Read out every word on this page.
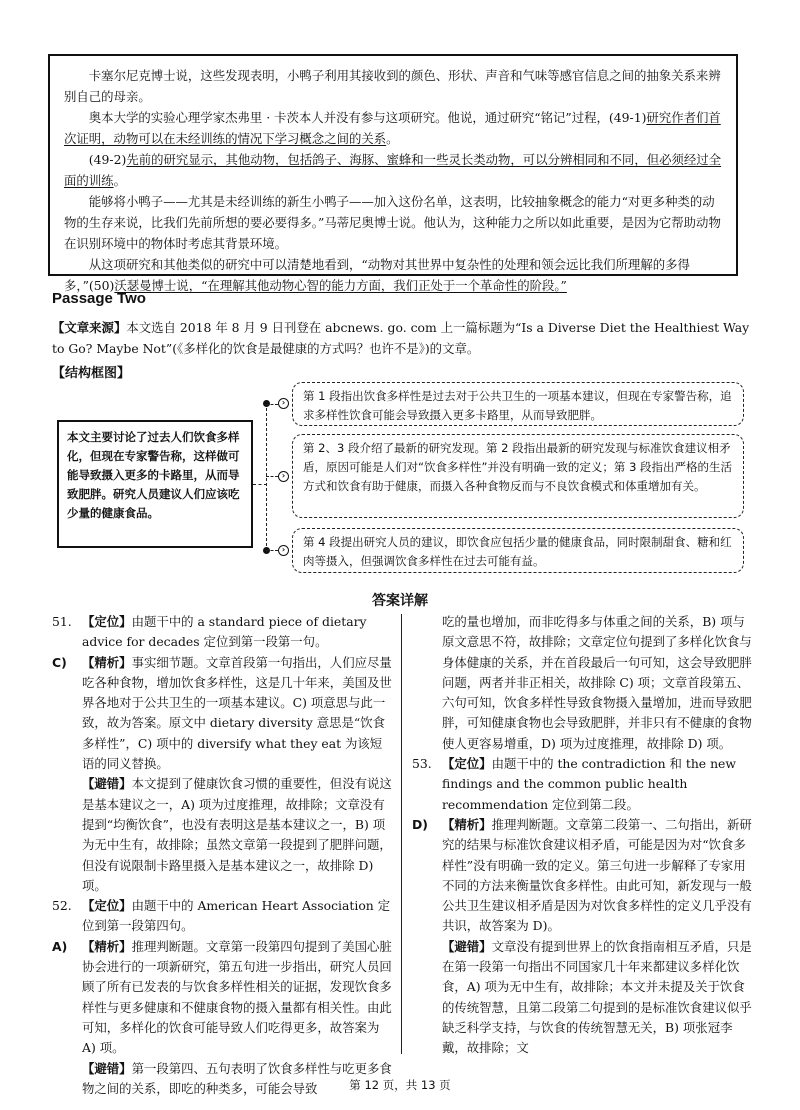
卡塞尔尼克博士说，这些发现表明，小鸭子利用其接收到的颜色、形状、声音和气味等感官信息之间的抽象关系来辨别自己的母亲。

奥本大学的实验心理学家杰弗里 · 卡茨本人并没有参与这项研究。他说，通过研究“铭记”过程，(49-1)研究作者们首次证明，动物可以在未经训练的情况下学习概念之间的关系。

(49-2)先前的研究显示，其他动物，包括鸽子、海豚、蜜蜂和一些灵长类动物，可以分辨相同和不同，但必须经过全面的训练。

能够将小鸭子——尤其是未经训练的新生小鸭子——加入这份名单，这表明，比较抽象概念的能力“对更多种类的动物的生存来说，比我们先前所想的要必要得多。”马蒂尼奥博士说。他认为，这种能力之所以如此重要，是因为它帮助动物在识别环境中的物体时考虑其背景环境。

从这项研究和其他类似的研究中可以清楚地看到，“动物对其世界中复杂性的处理和领会远比我们所理解的多得多，”(50)沃瑟曼博士说，“在理解其他动物心智的能力方面，我们正处于一个革命性的阶段。”

Passage Two
【文章来源】本文选自 2018 年 8 月 9 日刊登在 abcnews. go. com 上一篇标题为“Is a Diverse Diet the Healthiest Way to Go? Maybe Not”(《多样化的饮食是最健康的方式吗？也许不是》)的文章。
【结构框图】
本文主要讨论了过去人们饮食多样化，但现在专家警告称，这样做可能导致摄入更多的卡路里，从而导致肥胖。研究人员建议人们应该吃少量的健康食品。
›
›
›
第 1 段指出饮食多样性是过去对于公共卫生的一项基本建议，但现在专家警告称，追求多样性饮食可能会导致摄入更多卡路里，从而导致肥胖。
第 2、3 段介绍了最新的研究发现。第 2 段指出最新的研究发现与标准饮食建议相矛盾，原因可能是人们对“饮食多样性”并没有明确一致的定义；第 3 段指出严格的生活方式和饮食有助于健康，而摄入各种食物反而与不良饮食模式和体重增加有关。
第 4 段提出研究人员的建议，即饮食应包括少量的健康食品，同时限制甜食、糖和红肉等摄入，但强调饮食多样性在过去可能有益。
答案详解
51. 【定位】由题干中的 a standard piece of dietary advice for decades 定位到第一段第一句。
C) 【精析】事实细节题。文章首段第一句指出，人们应尽量吃各种食物，增加饮食多样性，这是几十年来，美国及世界各地对于公共卫生的一项基本建议。C) 项意思与此一致，故为答案。原文中 dietary diversity 意思是“饮食多样性”，C) 项中的 diversify what they eat 为该短语的同义替换。
【避错】本文提到了健康饮食习惯的重要性，但没有说这是基本建议之一，A) 项为过度推理，故排除；文章没有提到“均衡饮食”，也没有表明这是基本建议之一，B) 项为无中生有，故排除；虽然文章第一段提到了肥胖问题，但没有说限制卡路里摄入是基本建议之一，故排除 D) 项。
52. 【定位】由题干中的 American Heart Association 定位到第一段第四句。
A) 【精析】推理判断题。文章第一段第四句提到了美国心脏协会进行的一项新研究，第五句进一步指出，研究人员回顾了所有已发表的与饮食多样性相关的证据，发现饮食多样性与更多健康和不健康食物的摄入量都有相关性。由此可知，多样化的饮食可能导致人们吃得更多，故答案为 A) 项。
【避错】第一段第四、五句表明了饮食多样性与吃更多食物之间的关系，即吃的种类多，可能会导致
吃的量也增加，而非吃得多与体重之间的关系，B) 项与原文意思不符，故排除；文章定位句提到了多样化饮食与身体健康的关系，并在首段最后一句可知，这会导致肥胖问题，两者并非正相关，故排除 C) 项；文章首段第五、六句可知，饮食多样性导致食物摄入量增加，进而导致肥胖，可知健康食物也会导致肥胖，并非只有不健康的食物使人更容易增重，D) 项为过度推理，故排除 D) 项。
53. 【定位】由题干中的 the contradiction 和 the new findings and the common public health recommendation 定位到第二段。
D) 【精析】推理判断题。文章第二段第一、二句指出，新研究的结果与标准饮食建议相矛盾，可能是因为对“饮食多样性”没有明确一致的定义。第三句进一步解释了专家用不同的方法来衡量饮食多样性。由此可知，新发现与一般公共卫生建议相矛盾是因为对饮食多样性的定义几乎没有共识，故答案为 D)。
【避错】文章没有提到世界上的饮食指南相互矛盾，只是在第一段第一句指出不同国家几十年来都建议多样化饮食，A) 项为无中生有，故排除；本文并未提及关于饮食的传统智慧，且第二段第二句提到的是标准饮食建议似乎缺乏科学支持，与饮食的传统智慧无关，B) 项张冠李戴，故排除；文
第 12 页，共 13 页
